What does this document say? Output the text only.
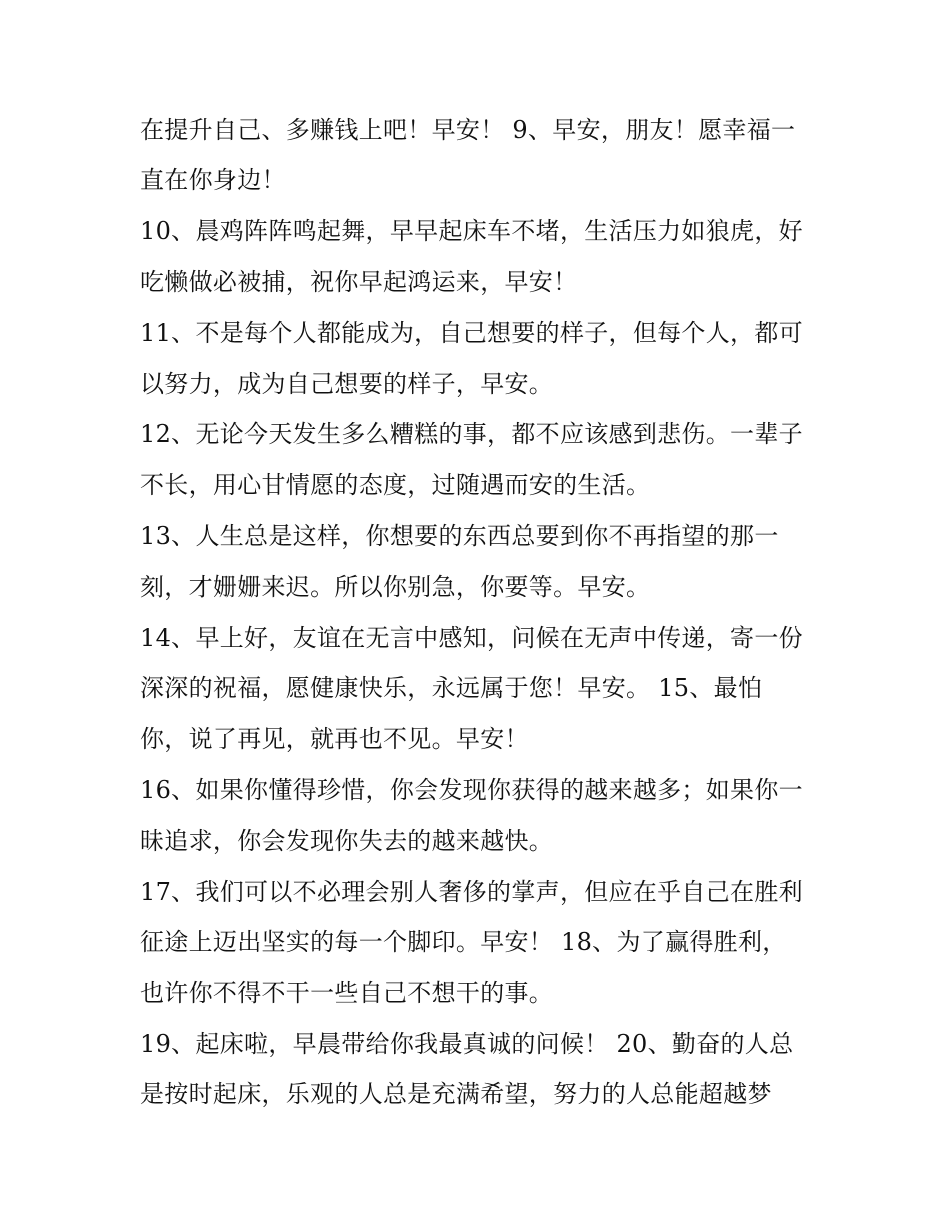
在提升自己、多赚钱上吧！早安！ 9、早安，朋友！愿幸福一
直在你身边！
10、晨鸡阵阵鸣起舞，早早起床车不堵，生活压力如狼虎，好
吃懒做必被捕，祝你早起鸿运来，早安！
11、不是每个人都能成为，自己想要的样子，但每个人，都可
以努力，成为自己想要的样子，早安。
12、无论今天发生多么糟糕的事，都不应该感到悲伤。一辈子
不长，用心甘情愿的态度，过随遇而安的生活。
13、人生总是这样，你想要的东西总要到你不再指望的那一
刻，才姗姗来迟。所以你别急，你要等。早安。
14、早上好，友谊在无言中感知，问候在无声中传递，寄一份
深深的祝福，愿健康快乐，永远属于您！早安。 15、最怕
你，说了再见，就再也不见。早安！
16、如果你懂得珍惜，你会发现你获得的越来越多；如果你一
昧追求，你会发现你失去的越来越快。
17、我们可以不必理会别人奢侈的掌声，但应在乎自己在胜利
征途上迈出坚实的每一个脚印。早安！ 18、为了赢得胜利，
也许你不得不干一些自己不想干的事。
19、起床啦，早晨带给你我最真诚的问候！ 20、勤奋的人总
是按时起床，乐观的人总是充满希望，努力的人总能超越梦
